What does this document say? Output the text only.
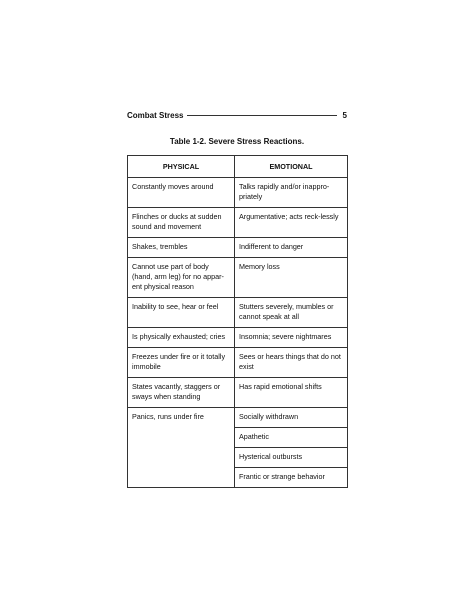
Combat Stress	5
Table 1-2. Severe Stress Reactions.
PHYSICAL	EMOTIONAL
Constantly moves around	Talks rapidly and/or inappro-priately
Flinches or ducks at sudden sound and movement	Argumentative; acts reck-lessly
Shakes, trembles	Indifferent to danger
Cannot use part of body (hand, arm leg) for no appar-ent physical reason	Memory loss
Inability to see, hear or feel	Stutters severely, mumbles or cannot speak at all
Is physically exhausted; cries	Insomnia; severe nightmares
Freezes under fire or it totally immobile	Sees or hears things that do not exist
States vacantly, staggers or sways when standing	Has rapid emotional shifts
Panics, runs under fire	Socially withdrawn
	Apathetic
	Hysterical outbursts
	Frantic or strange behavior
